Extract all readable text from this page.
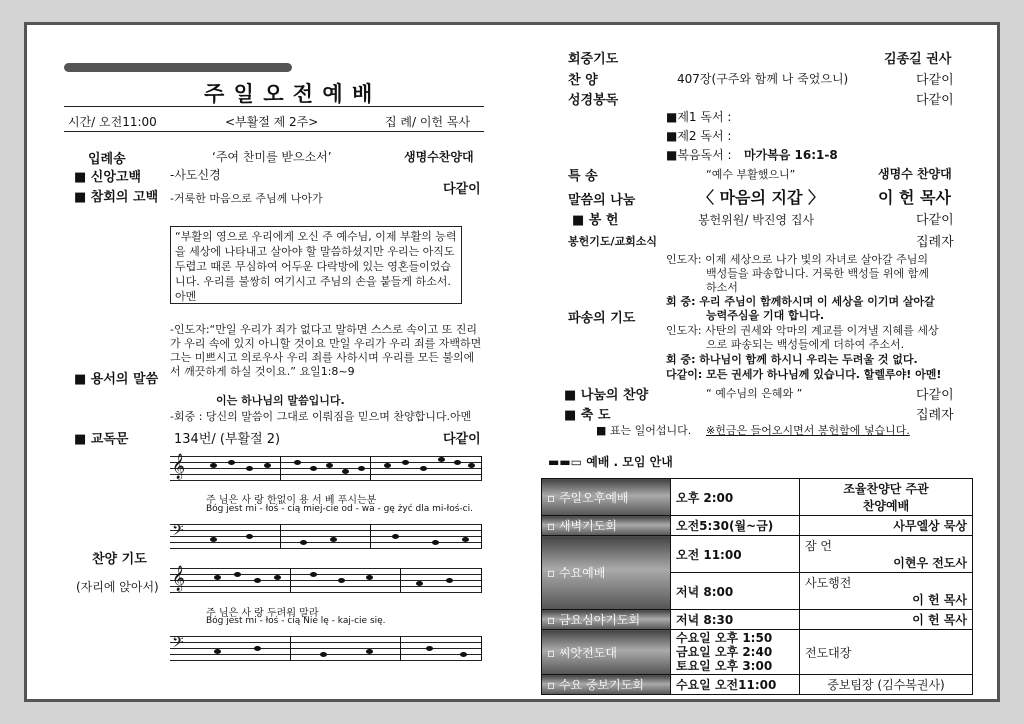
주 일 오 전 예 배
시간/ 오전11:00	<부활절 제 2주>	집 례/ 이헌 목사
입례송	‘주여 찬미를 받으소서’	생명수찬양대
■ 신앙고백 -사도신경
■ 참회의 고백 -거룩한 마음으로 주님께 나아가
다같이
“부활의 영으로 우리에게 오신 주 예수님, 이제 부활의 능력을 세상에 나타내고 살아야 할 말씀하셨지만 우리는 아직도 두렵고 때론 무심하여 어두운 다락방에 있는 영혼들이었습니다. 우리를 불쌍히 여기시고 주님의 손을 붙들게 하소서. 아멘
■ 용서의 말씀
-인도자:“만일 우리가 죄가 없다고 말하면 스스로 속이고 또 진리가 우리 속에 있지 아니할 것이요 만일 우리가 우리 죄를 자백하면 그는 미쁘시고 의로우사 우리 죄를 사하시며 우리를 모든 불의에서 깨끗하게 하실 것이요.” 요일1:8~9
이는 하나님의 말씀입니다.
-회중 : 당신의 말씀이 그대로 이뤄짐을 믿으며 찬양합니다.아멘
■ 교독문	134번/ (부활절 2)	다같이
찬양 기도
(자리에 앉아서)
𝄞
주 님은 사 랑 한없이 용 서 베 푸시는분
Bóg jest mi - łoś - cią miej-cie od - wa - gę żyć dla mi-łoś-ci.
𝄢
𝄞
주 님은 사 랑 두려워 말라
Bóg jest mi - łoś - cią Nie lę - kaj-cie się.
𝄢
회중기도	김종길 권사
찬 양	407장(구주와 함께 나 죽었으니)	다같이
성경봉독	다같이
■제1 독서 :
■제2 독서 :
■복음독서 : 마가복음 16:1-8
특 송	“예수 부활했으니”	생명수 찬양대
말씀의 나눔	〈 마음의 지갑 〉	이 헌 목사
■ 봉 헌	봉헌위원/ 박진영 집사	다같이
봉헌기도/교회소식	집례자
파송의 기도
인도자: 이제 세상으로 나가 빛의 자녀로 살아갈 주님의
백성들을 파송합니다. 거룩한 백성들 위에 함께
하소서
회 중: 우리 주님이 함께하시며 이 세상을 이기며 살아갈
능력주심을 기대 합니다.
인도자: 사탄의 권세와 악마의 계교를 이겨낼 지혜를 세상
으로 파송되는 백성들에게 더하여 주소서.
회 중: 하나님이 함께 하시니 우리는 두려울 것 없다.
다같이: 모든 권세가 하나님께 있습니다. 할렐루야! 아멘!
■ 나눔의 찬양	“ 예수님의 은혜와 ”	다같이
■ 축 도	집례자
■ 표는 일어섭니다. ※헌금은 들어오시면서 봉헌함에 넣습니다.
▬▬▭ 예배 . 모임 안내
▫ 주일오후예배	오후 2:00	조율찬양단 주관
찬양예배

▫ 새벽기도회	오전5:30(월~금)	사무엘상 묵상
▫ 수요예배	오전 11:00	잠 언
이현우 전도사

	저녁 8:00	사도행전
이 헌 목사

▫ 금요심야기도회	저녁 8:30	이 헌 목사
▫ 씨앗전도대	수요일 오후 1:50
금요일 오후 2:40
토요일 오후 3:00	전도대장
▫ 수요 중보기도회	수요일 오전11:00	중보팀장 (김수복권사)
